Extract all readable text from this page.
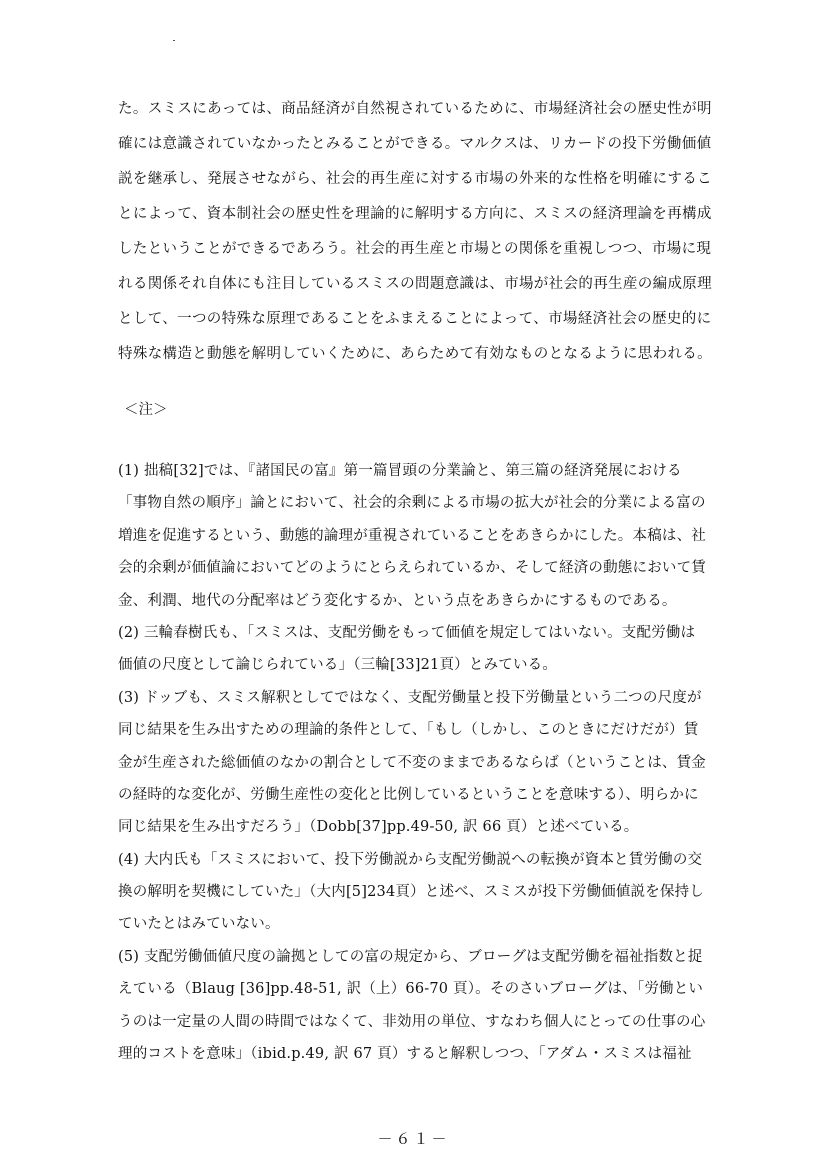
た。スミスにあっては、商品経済が自然視されているために、市場経済社会の歴史性が明
確には意識されていなかったとみることができる。マルクスは、リカードの投下労働価値
説を継承し、発展させながら、社会的再生産に対する市場の外来的な性格を明確にするこ
とによって、資本制社会の歴史性を理論的に解明する方向に、スミスの経済理論を再構成
したということができるであろう。社会的再生産と市場との関係を重視しつつ、市場に現
れる関係それ自体にも注目しているスミスの問題意識は、市場が社会的再生産の編成原理
として、一つの特殊な原理であることをふまえることによって、市場経済社会の歴史的に
特殊な構造と動態を解明していくために、あらためて有効なものとなるように思われる。
＜注＞
(1) 拙稿[32]では、『諸国民の富』第一篇冒頭の分業論と、第三篇の経済発展における
「事物自然の順序」論とにおいて、社会的余剰による市場の拡大が社会的分業による富の
増進を促進するという、動態的論理が重視されていることをあきらかにした。本稿は、社
会的余剰が価値論においてどのようにとらえられているか、そして経済の動態において賃
金、利潤、地代の分配率はどう変化するか、という点をあきらかにするものである。
(2) 三輪春樹氏も、「スミスは、支配労働をもって価値を規定してはいない。支配労働は
価値の尺度として論じられている」（三輪[33]21頁）とみている。
(3) ドッブも、スミス解釈としてではなく、支配労働量と投下労働量という二つの尺度が
同じ結果を生み出すための理論的条件として、「もし（しかし、このときにだけだが）賃
金が生産された総価値のなかの割合として不変のままであるならば（ということは、賃金
の経時的な変化が、労働生産性の変化と比例しているということを意味する）、明らかに
同じ結果を生み出すだろう」（Dobb[37]pp.49-50, 訳 66 頁）と述べている。
(4) 大内氏も「スミスにおいて、投下労働説から支配労働説への転換が資本と賃労働の交
換の解明を契機にしていた」（大内[5]234頁）と述べ、スミスが投下労働価値説を保持し
ていたとはみていない。
(5) 支配労働価値尺度の論拠としての富の規定から、ブローグは支配労働を福祉指数と捉
えている（Blaug [36]pp.48-51, 訳（上）66-70 頁）。そのさいブローグは、「労働とい
うのは一定量の人間の時間ではなくて、非効用の単位、すなわち個人にとっての仕事の心
理的コストを意味」（ibid.p.49, 訳 67 頁）すると解釈しつつ、「アダム・スミスは福祉
－６１－
